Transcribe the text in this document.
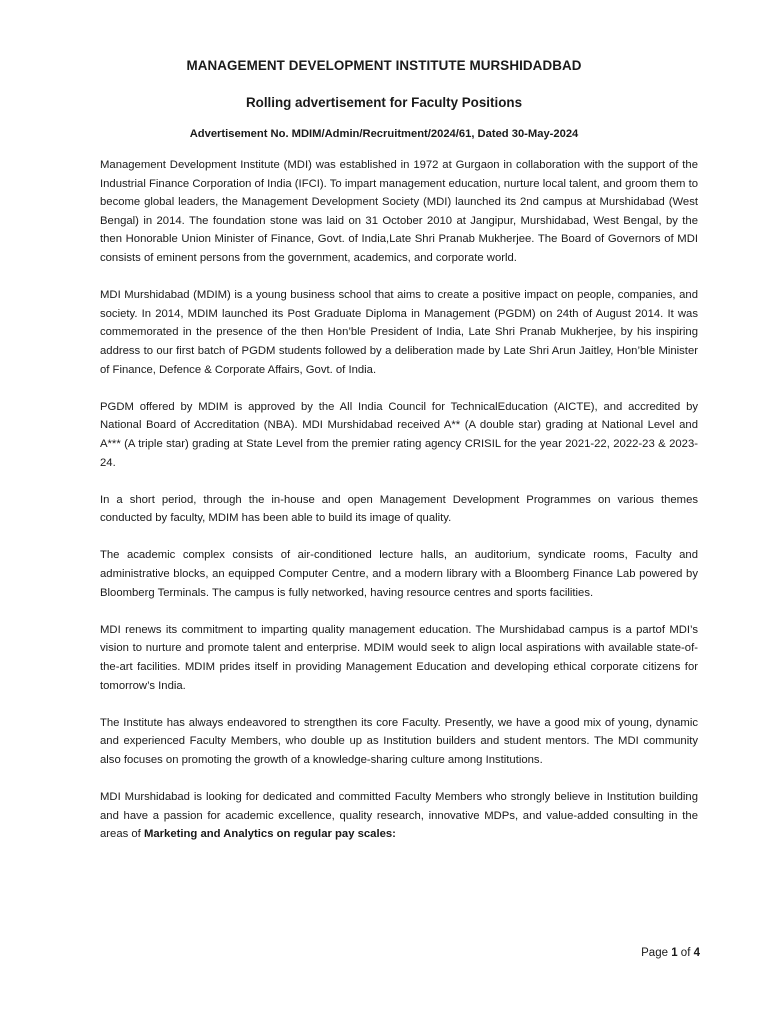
MANAGEMENT DEVELOPMENT INSTITUTE MURSHIDADBAD
Rolling advertisement for Faculty Positions
Advertisement No. MDIM/Admin/Recruitment/2024/61, Dated 30-May-2024

Management Development Institute (MDI) was established in 1972 at Gurgaon in collaboration with the support of the Industrial Finance Corporation of India (IFCI). To impart management education, nurture local talent, and groom them to become global leaders, the Management Development Society (MDI) launched its 2nd campus at Murshidabad (West Bengal) in 2014. The foundation stone was laid on 31 October 2010 at Jangipur, Murshidabad, West Bengal, by the then Honorable Union Minister of Finance, Govt. of India,Late Shri Pranab Mukherjee. The Board of Governors of MDI consists of eminent persons from the government, academics, and corporate world.

MDI Murshidabad (MDIM) is a young business school that aims to create a positive impact on people, companies, and society. In 2014, MDIM launched its Post Graduate Diploma in Management (PGDM) on 24th of August 2014. It was commemorated in the presence of the then Hon’ble President of India, Late Shri Pranab Mukherjee, by his inspiring address to our first batch of PGDM students followed by a deliberation made by Late Shri Arun Jaitley, Hon’ble Minister of Finance, Defence & Corporate Affairs, Govt. of India.

PGDM offered by MDIM is approved by the All India Council for TechnicalEducation (AICTE), and accredited by National Board of Accreditation (NBA). MDI Murshidabad received A** (A double star) grading at National Level and A*** (A triple star) grading at State Level from the premier rating agency CRISIL for the year 2021-22, 2022-23 & 2023-24.

In a short period, through the in-house and open Management Development Programmes on various themes conducted by faculty, MDIM has been able to build its image of quality.

The academic complex consists of air-conditioned lecture halls, an auditorium, syndicate rooms, Faculty and administrative blocks, an equipped Computer Centre, and a modern library with a Bloomberg Finance Lab powered by Bloomberg Terminals. The campus is fully networked, having resource centres and sports facilities.

MDI renews its commitment to imparting quality management education. The Murshidabad campus is a partof MDI’s vision to nurture and promote talent and enterprise. MDIM would seek to align local aspirations with available state-of-the-art facilities. MDIM prides itself in providing Management Education and developing ethical corporate citizens for tomorrow’s India.

The Institute has always endeavored to strengthen its core Faculty. Presently, we have a good mix of young, dynamic and experienced Faculty Members, who double up as Institution builders and student mentors. The MDI community also focuses on promoting the growth of a knowledge-sharing culture among Institutions.

MDI Murshidabad is looking for dedicated and committed Faculty Members who strongly believe in Institution building and have a passion for academic excellence, quality research, innovative MDPs, and value-added consulting in the areas of Marketing and Analytics on regular pay scales:

Page 1 of 4
